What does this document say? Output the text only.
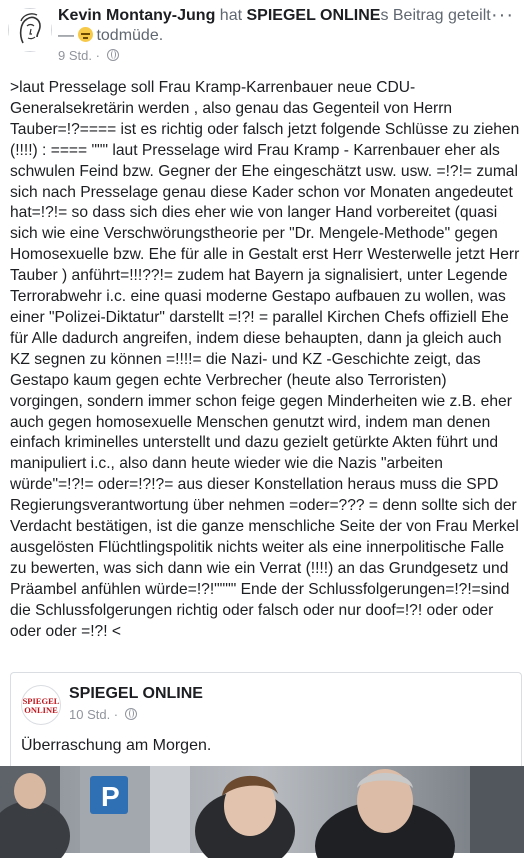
Kevin Montany-Jung hat SPIEGEL ONLINEs Beitrag geteilt
— todmüde.
9 Std. ·
···

>laut Presselage soll Frau Kramp-Karrenbauer neue CDU-Generalsekretärin werden , also genau das Gegenteil von Herrn Tauber=!?==== ist es richtig oder falsch jetzt folgende Schlüsse zu ziehen (!!!!) : ==== """ laut Presselage wird Frau Kramp - Karrenbauer eher als schwulen Feind bzw. Gegner der Ehe eingeschätzt usw. usw. =!?!= zumal sich nach Presselage genau diese Kader schon vor Monaten angedeutet hat=!?!= so dass sich dies eher wie von langer Hand vorbereitet (quasi sich wie eine Verschwörungstheorie per "Dr. Mengele-Methode" gegen Homosexuelle bzw. Ehe für alle in Gestalt erst Herr Westerwelle jetzt Herr Tauber ) anführt=!!!??!= zudem hat Bayern ja signalisiert, unter Legende Terrorabwehr i.c. eine quasi moderne Gestapo aufbauen zu wollen, was einer "Polizei-Diktatur" darstellt =!?! = parallel Kirchen Chefs offiziell Ehe für Alle dadurch angreifen, indem diese behaupten, dann ja gleich auch KZ segnen zu können =!!!!= die Nazi- und KZ -Geschichte zeigt, das Gestapo kaum gegen echte Verbrecher (heute also Terroristen) vorgingen, sondern immer schon feige gegen Minderheiten wie z.B. eher auch gegen homosexuelle Menschen genutzt wird, indem man denen einfach kriminelles unterstellt und dazu gezielt getürkte Akten führt und manipuliert i.c., also dann heute wieder wie die Nazis "arbeiten würde"=!?!= oder=!?!?= aus dieser Konstellation heraus muss die SPD Regierungsverantwortung über nehmen =oder=??? = denn sollte sich der Verdacht bestätigen, ist die ganze menschliche Seite der von Frau Merkel ausgelösten Flüchtlingspolitik nichts weiter als eine innerpolitische Falle zu bewerten, was sich dann wie ein Verrat (!!!!) an das Grundgesetz und Präambel anfühlen würde=!?!"""" Ende der Schlussfolgerungen=!?!=sind die Schlussfolgerungen richtig oder falsch oder nur doof=!?! oder oder oder oder =!?! <

SPIEGEL
ONLINE
SPIEGEL ONLINE
10 Std. ·
Überraschung am Morgen.
P
